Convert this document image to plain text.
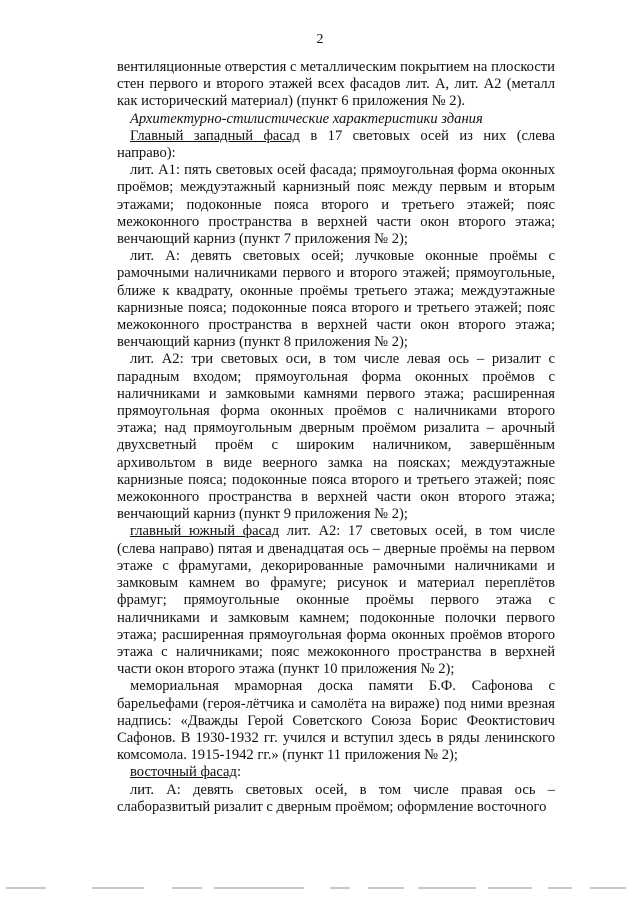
2

вентиляционные отверстия с металлическим покрытием на плоскости стен первого и второго этажей всех фасадов лит. А, лит. А2 (металл как исторический материал) (пункт 6 приложения № 2).

Архитектурно-стилистические характеристики здания

Главный западный фасад в 17 световых осей из них (слева направо):

лит. А1: пять световых осей фасада; прямоугольная форма оконных проёмов; междуэтажный карнизный пояс между первым и вторым этажами; подоконные пояса второго и третьего этажей; пояс межоконного пространства в верхней части окон второго этажа; венчающий карниз (пункт 7 приложения № 2);

лит. А: девять световых осей; лучковые оконные проёмы с рамочными наличниками первого и второго этажей; прямоугольные, ближе к квадрату, оконные проёмы третьего этажа; междуэтажные карнизные пояса; подоконные пояса второго и третьего этажей; пояс межоконного пространства в верхней части окон второго этажа; венчающий карниз (пункт 8 приложения № 2);

лит. А2: три световых оси, в том числе левая ось – ризалит с парадным входом; прямоугольная форма оконных проёмов с наличниками и замковыми камнями первого этажа; расширенная прямоугольная форма оконных проёмов с наличниками второго этажа; над прямоугольным дверным проёмом ризалита – арочный двухсветный проём с широким наличником, завершённым архивольтом в виде веерного замка на поясках; междуэтажные карнизные пояса; подоконные пояса второго и третьего этажей; пояс межоконного пространства в верхней части окон второго этажа; венчающий карниз (пункт 9 приложения № 2);

главный южный фасад лит. А2: 17 световых осей, в том числе (слева направо) пятая и двенадцатая ось – дверные проёмы на первом этаже с фрамугами, декорированные рамочными наличниками и замковым камнем во фрамуге; рисунок и материал переплётов фрамуг; прямоугольные оконные проёмы первого этажа с наличниками и замковым камнем; подоконные полочки первого этажа; расширенная прямоугольная форма оконных проёмов второго этажа с наличниками; пояс межоконного пространства в верхней части окон второго этажа (пункт 10 приложения № 2);

мемориальная мраморная доска памяти Б.Ф. Сафонова с барельефами (героя-лётчика и самолёта на вираже) под ними врезная надпись: «Дважды Герой Советского Союза Борис Феоктистович Сафонов. В 1930-1932 гг. учился и вступил здесь в ряды ленинского комсомола. 1915-1942 гг.» (пункт 11 приложения № 2);

восточный фасад:

лит. А: девять световых осей, в том числе правая ось – слаборазвитый ризалит с дверным проёмом; оформление восточного
